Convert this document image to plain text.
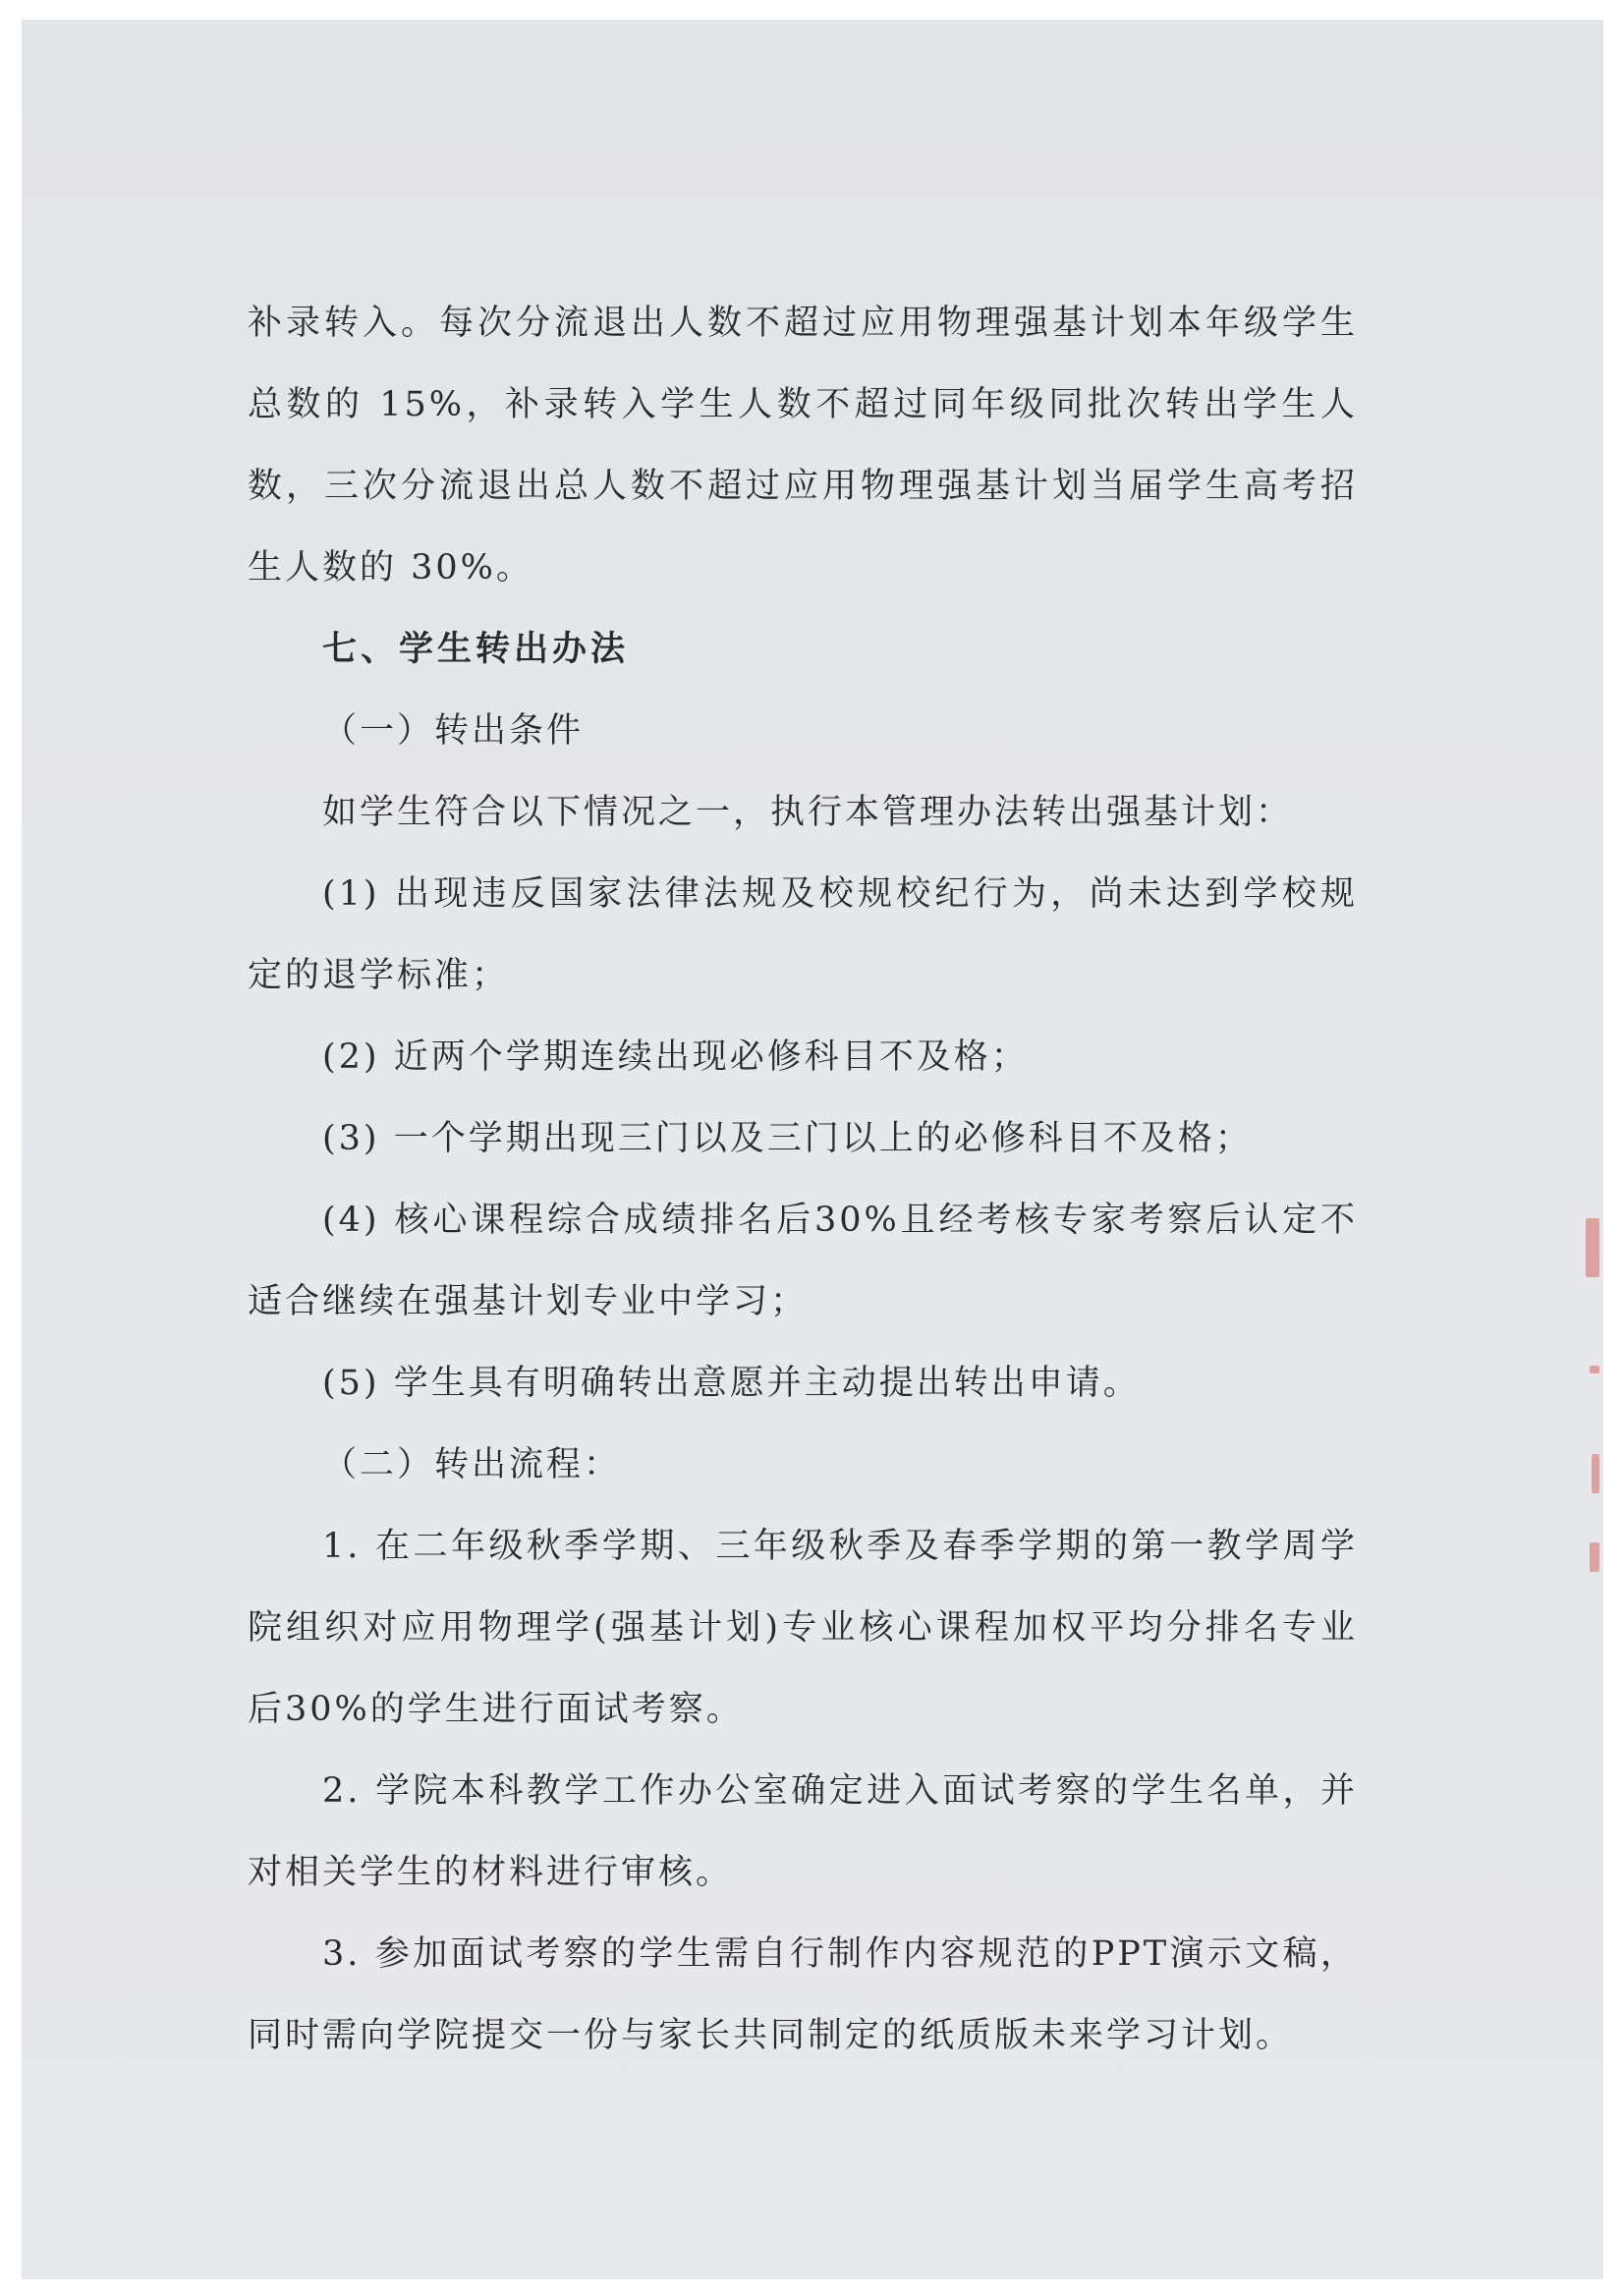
补录转入。每次分流退出人数不超过应用物理强基计划本年级学生总数的 15%，补录转入学生人数不超过同年级同批次转出学生人数，三次分流退出总人数不超过应用物理强基计划当届学生高考招生人数的 30%。

七、学生转出办法

（一）转出条件

如学生符合以下情况之一，执行本管理办法转出强基计划：

(1) 出现违反国家法律法规及校规校纪行为，尚未达到学校规定的退学标准；

(2) 近两个学期连续出现必修科目不及格；

(3) 一个学期出现三门以及三门以上的必修科目不及格；

(4) 核心课程综合成绩排名后30%且经考核专家考察后认定不适合继续在强基计划专业中学习；

(5) 学生具有明确转出意愿并主动提出转出申请。

（二）转出流程：

1. 在二年级秋季学期、三年级秋季及春季学期的第一教学周学院组织对应用物理学(强基计划)专业核心课程加权平均分排名专业后30%的学生进行面试考察。

2. 学院本科教学工作办公室确定进入面试考察的学生名单，并对相关学生的材料进行审核。

3. 参加面试考察的学生需自行制作内容规范的PPT演示文稿，同时需向学院提交一份与家长共同制定的纸质版未来学习计划。
